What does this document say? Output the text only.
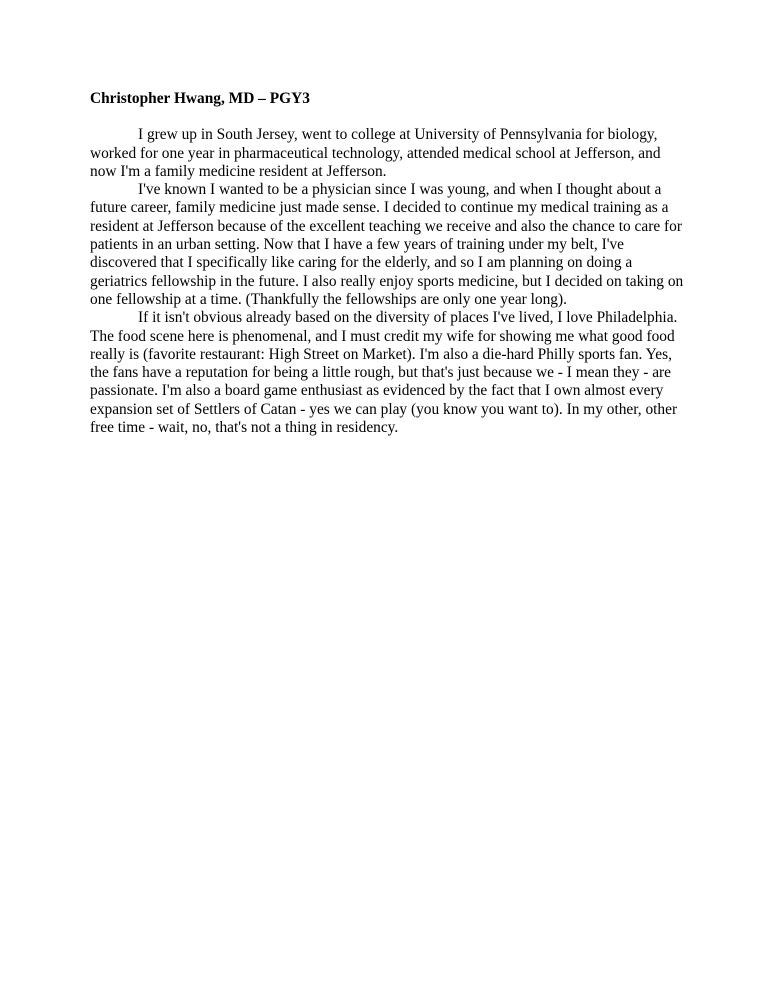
Christopher Hwang, MD – PGY3

I grew up in South Jersey, went to college at University of Pennsylvania for biology, worked for one year in pharmaceutical technology, attended medical school at Jefferson, and now I'm a family medicine resident at Jefferson.

I've known I wanted to be a physician since I was young, and when I thought about a future career, family medicine just made sense. I decided to continue my medical training as a resident at Jefferson because of the excellent teaching we receive and also the chance to care for patients in an urban setting. Now that I have a few years of training under my belt, I've discovered that I specifically like caring for the elderly, and so I am planning on doing a geriatrics fellowship in the future. I also really enjoy sports medicine, but I decided on taking on one fellowship at a time. (Thankfully the fellowships are only one year long).

If it isn't obvious already based on the diversity of places I've lived, I love Philadelphia. The food scene here is phenomenal, and I must credit my wife for showing me what good food really is (favorite restaurant: High Street on Market). I'm also a die-hard Philly sports fan. Yes, the fans have a reputation for being a little rough, but that's just because we - I mean they - are passionate. I'm also a board game enthusiast as evidenced by the fact that I own almost every expansion set of Settlers of Catan - yes we can play (you know you want to). In my other, other free time - wait, no, that's not a thing in residency.
